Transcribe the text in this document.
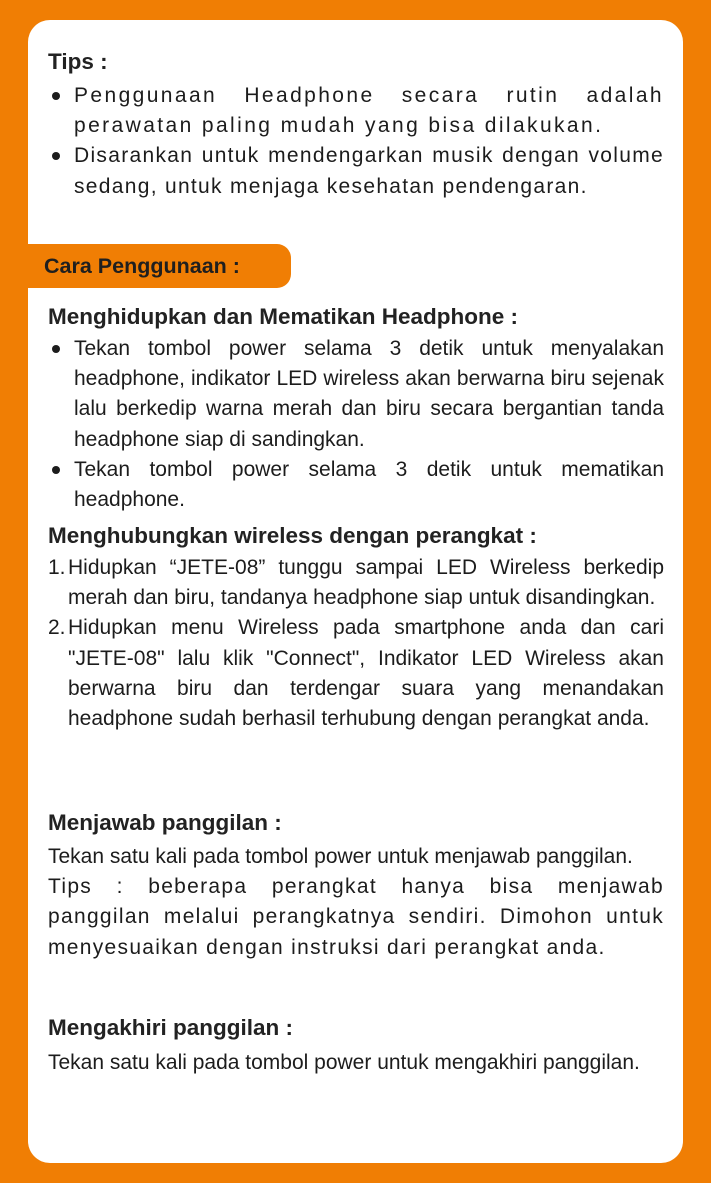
Tips :
Penggunaan Headphone secara rutin adalah perawatan paling mudah yang bisa dilakukan.
Disarankan untuk mendengarkan musik dengan volume sedang, untuk menjaga kesehatan pendengaran.
Cara Penggunaan :
Menghidupkan dan Mematikan Headphone :
Tekan tombol power selama 3 detik untuk menyalakan headphone, indikator LED wireless akan berwarna biru sejenak lalu berkedip warna merah dan biru secara bergantian tanda headphone siap di sandingkan.
Tekan tombol power selama 3 detik untuk mematikan headphone.
Menghubungkan wireless dengan perangkat :
1. Hidupkan “JETE-08” tunggu sampai LED Wireless berkedip merah dan biru, tandanya headphone siap untuk disandingkan.
2. Hidupkan menu Wireless pada smartphone anda dan cari "JETE-08" lalu klik "Connect", Indikator LED Wireless akan berwarna biru dan terdengar suara yang menandakan headphone sudah berhasil terhubung dengan perangkat anda.
Menjawab panggilan :

Tekan satu kali pada tombol power untuk menjawab panggilan.

Tips : beberapa perangkat hanya bisa menjawab panggilan melalui perangkatnya sendiri. Dimohon untuk menyesuaikan dengan instruksi dari perangkat anda.

Mengakhiri panggilan :

Tekan satu kali pada tombol power untuk mengakhiri panggilan.
